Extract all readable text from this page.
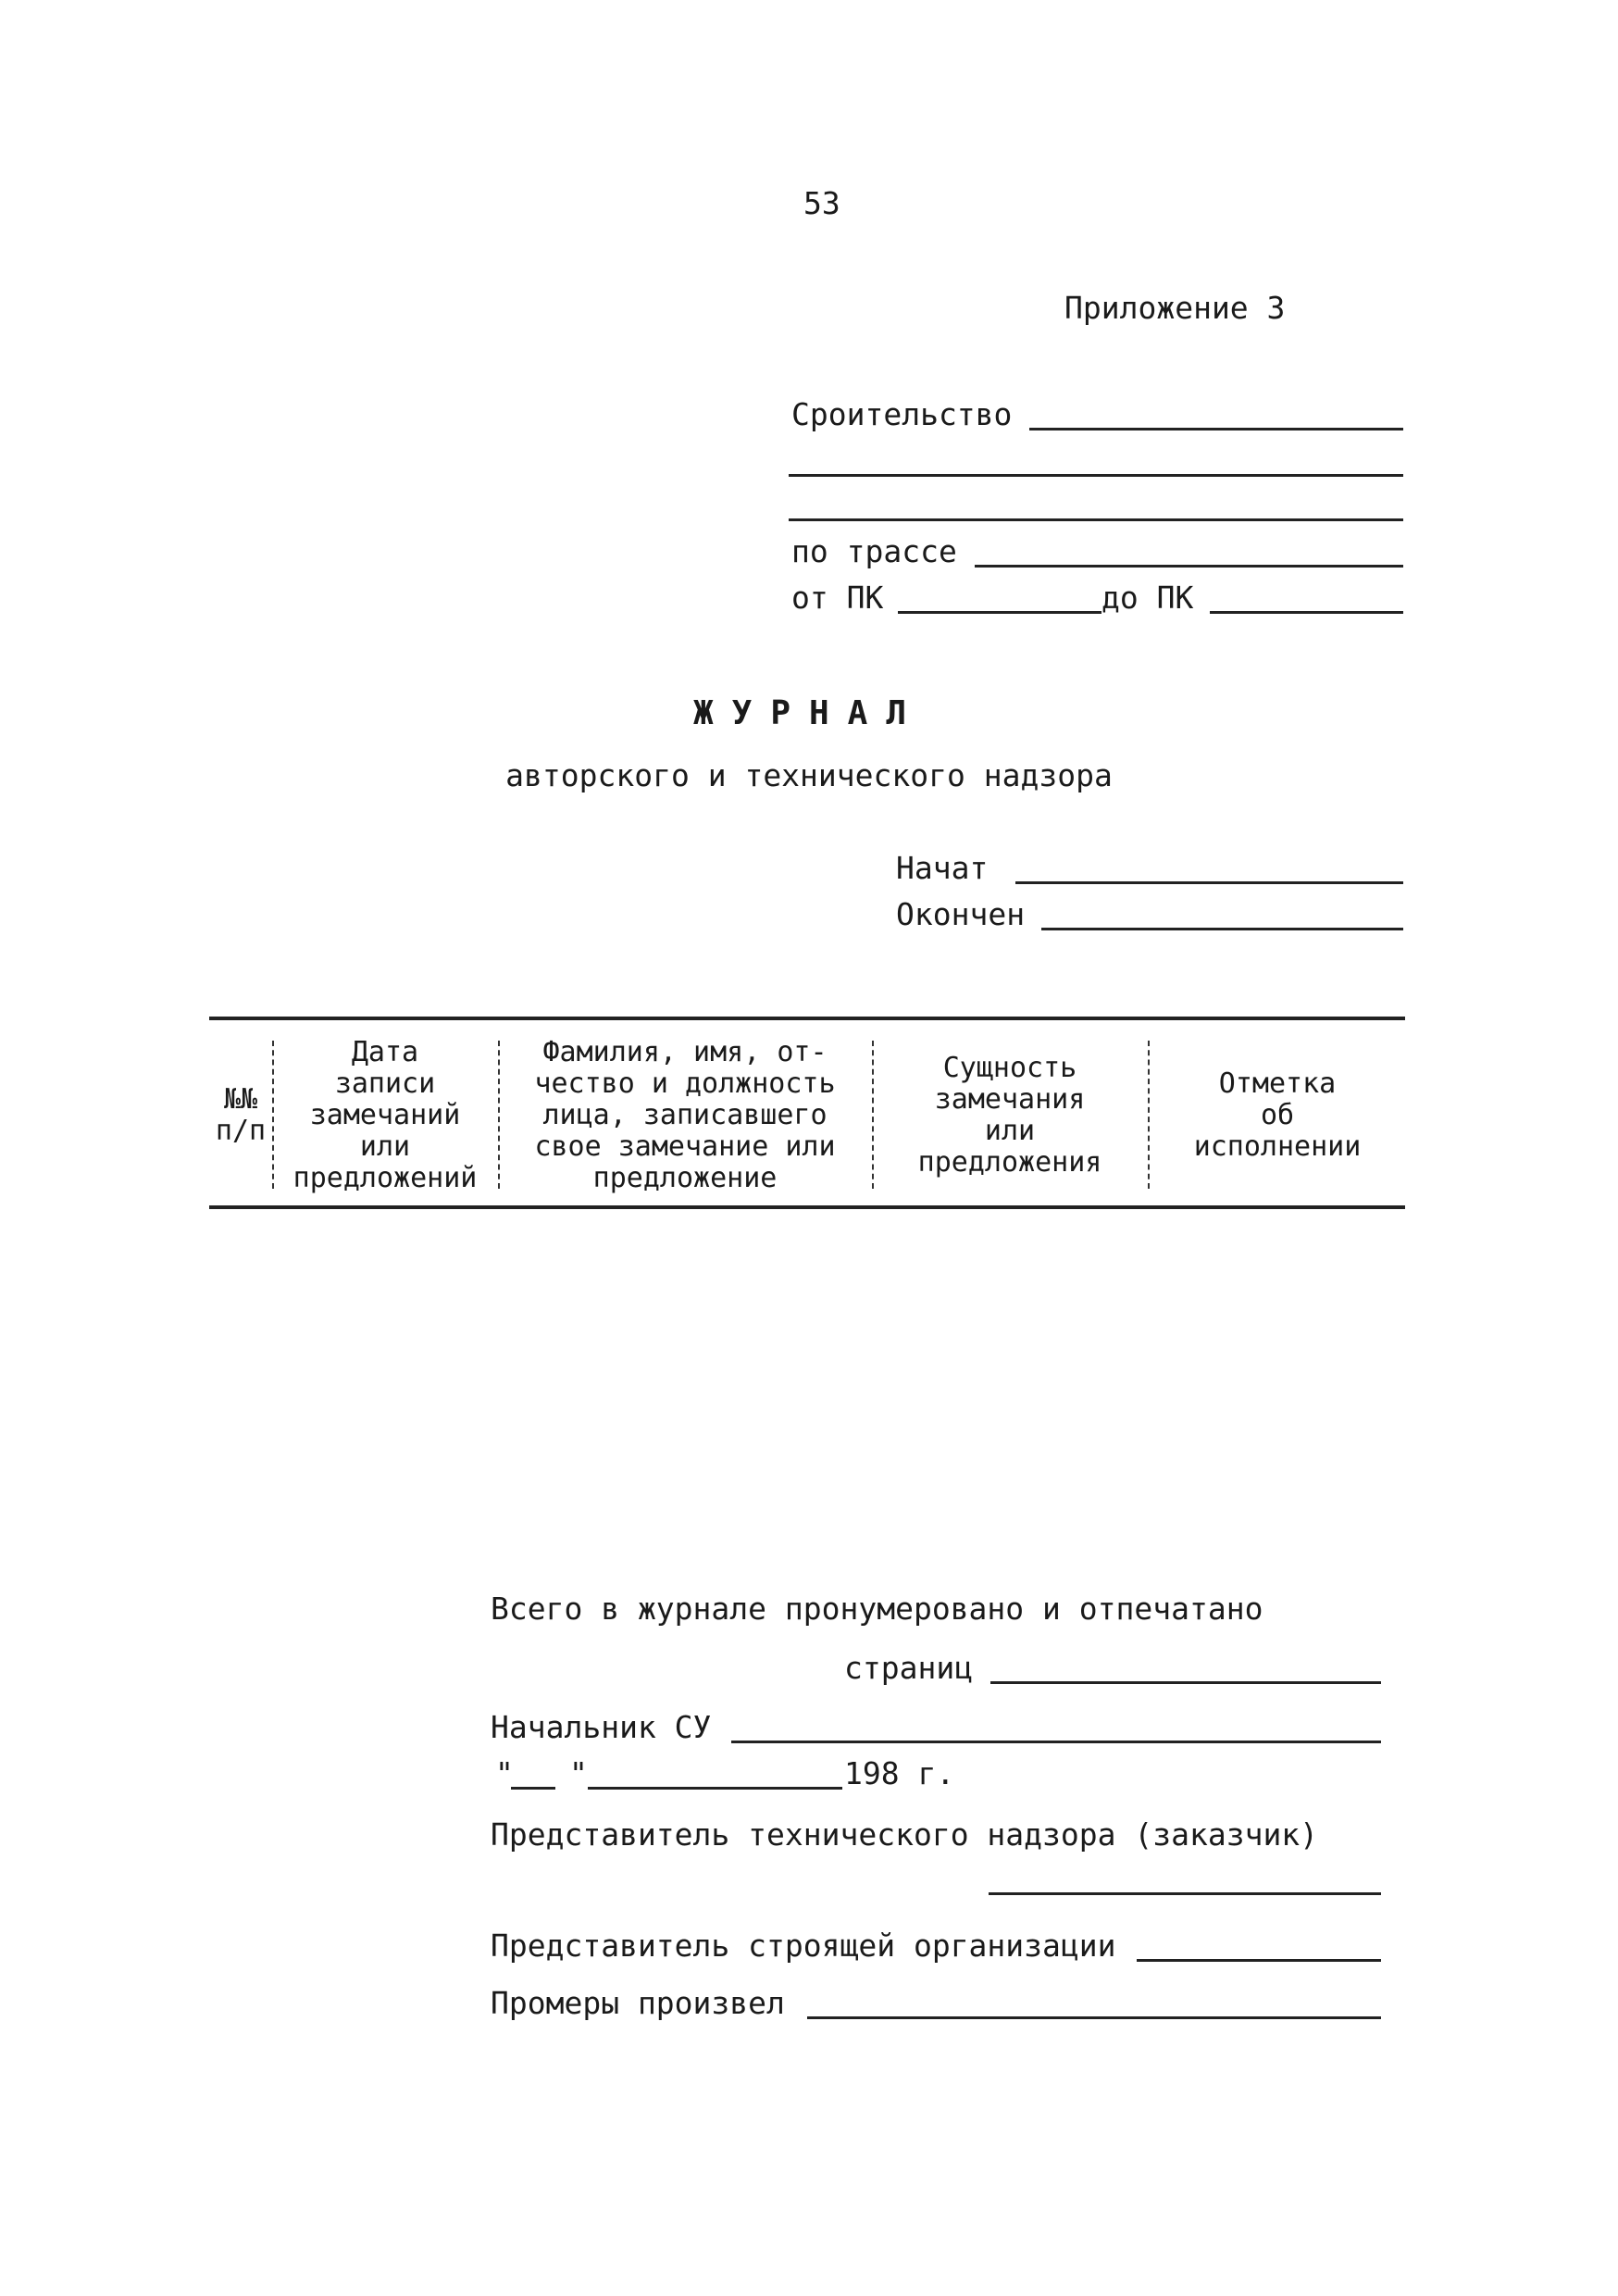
53
Приложение 3
Сроительство
по трассе
от ПК	до ПК
ЖУРНАЛ
авторского и технического надзора
Начат
Окончен
№№
п/п
Дата
записи
замечаний
или
предложений
Фамилия, имя, от-
чество и должность
лица, записавшего
свое замечание или
предложение
Сущность
замечания
или
предложения
Отметка
об
исполнении
Всего в журнале пронумеровано и отпечатано
страниц
Начальник СУ
" "	198 г.
Представитель технического надзора (заказчик)
Представитель строящей организации
Промеры произвел
